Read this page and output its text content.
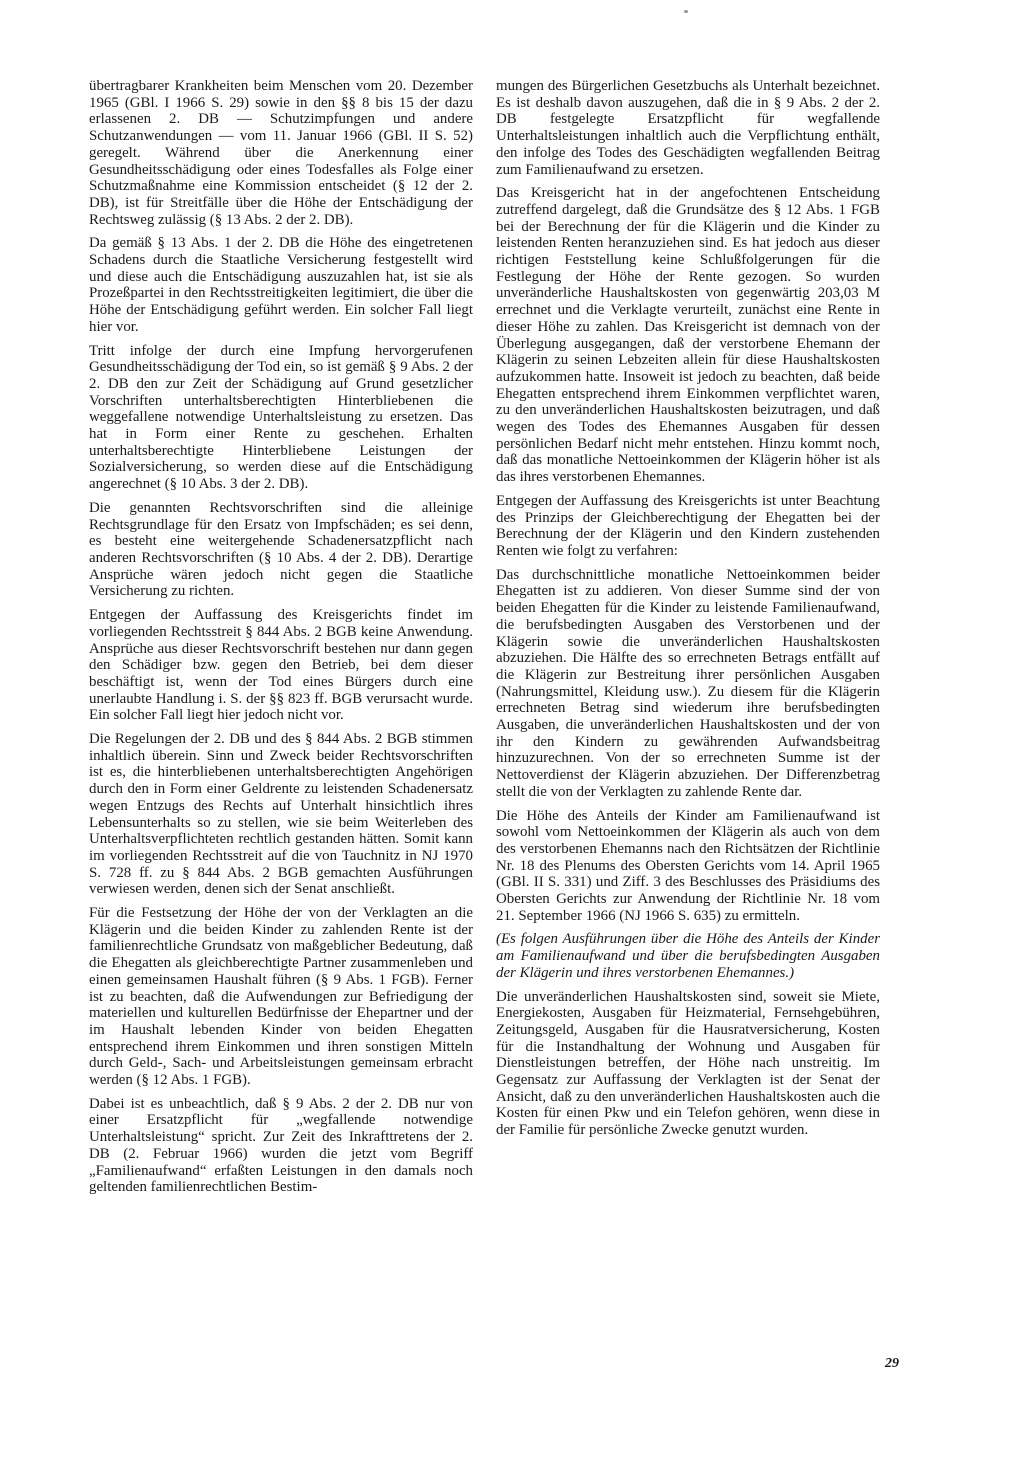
übertragbarer Krankheiten beim Menschen vom 20. Dezember 1965 (GBl. I 1966 S. 29) sowie in den §§ 8 bis 15 der dazu erlassenen 2. DB — Schutzimpfungen und andere Schutzanwendungen — vom 11. Januar 1966 (GBl. II S. 52) geregelt. Während über die Anerkennung einer Gesundheitsschädigung oder eines Todesfalles als Folge einer Schutzmaßnahme eine Kommission entscheidet (§ 12 der 2. DB), ist für Streitfälle über die Höhe der Entschädigung der Rechtsweg zulässig (§ 13 Abs. 2 der 2. DB).

Da gemäß § 13 Abs. 1 der 2. DB die Höhe des eingetretenen Schadens durch die Staatliche Versicherung festgestellt wird und diese auch die Entschädigung auszuzahlen hat, ist sie als Prozeßpartei in den Rechtsstreitigkeiten legitimiert, die über die Höhe der Entschädigung geführt werden. Ein solcher Fall liegt hier vor.

Tritt infolge der durch eine Impfung hervorgerufenen Gesundheitsschädigung der Tod ein, so ist gemäß § 9 Abs. 2 der 2. DB den zur Zeit der Schädigung auf Grund gesetzlicher Vorschriften unterhaltsberechtigten Hinterbliebenen die weggefallene notwendige Unterhaltsleistung zu ersetzen. Das hat in Form einer Rente zu geschehen. Erhalten unterhaltsberechtigte Hinterbliebene Leistungen der Sozialversicherung, so werden diese auf die Entschädigung angerechnet (§ 10 Abs. 3 der 2. DB).

Die genannten Rechtsvorschriften sind die alleinige Rechtsgrundlage für den Ersatz von Impfschäden; es sei denn, es besteht eine weitergehende Schadenersatzpflicht nach anderen Rechtsvorschriften (§ 10 Abs. 4 der 2. DB). Derartige Ansprüche wären jedoch nicht gegen die Staatliche Versicherung zu richten.

Entgegen der Auffassung des Kreisgerichts findet im vorliegenden Rechtsstreit § 844 Abs. 2 BGB keine Anwendung. Ansprüche aus dieser Rechtsvorschrift bestehen nur dann gegen den Schädiger bzw. gegen den Betrieb, bei dem dieser beschäftigt ist, wenn der Tod eines Bürgers durch eine unerlaubte Handlung i. S. der §§ 823 ff. BGB verursacht wurde. Ein solcher Fall liegt hier jedoch nicht vor.

Die Regelungen der 2. DB und des § 844 Abs. 2 BGB stimmen inhaltlich überein. Sinn und Zweck beider Rechtsvorschriften ist es, die hinterbliebenen unterhaltsberechtigten Angehörigen durch den in Form einer Geldrente zu leistenden Schadenersatz wegen Entzugs des Rechts auf Unterhalt hinsichtlich ihres Lebensunterhalts so zu stellen, wie sie beim Weiterleben des Unterhaltsverpflichteten rechtlich gestanden hätten. Somit kann im vorliegenden Rechtsstreit auf die von Tauchnitz in NJ 1970 S. 728 ff. zu § 844 Abs. 2 BGB gemachten Ausführungen verwiesen werden, denen sich der Senat anschließt.

Für die Festsetzung der Höhe der von der Verklagten an die Klägerin und die beiden Kinder zu zahlenden Rente ist der familienrechtliche Grundsatz von maßgeblicher Bedeutung, daß die Ehegatten als gleichberechtigte Partner zusammenleben und einen gemeinsamen Haushalt führen (§ 9 Abs. 1 FGB). Ferner ist zu beachten, daß die Aufwendungen zur Befriedigung der materiellen und kulturellen Bedürfnisse der Ehepartner und der im Haushalt lebenden Kinder von beiden Ehegatten entsprechend ihrem Einkommen und ihren sonstigen Mitteln durch Geld-, Sach- und Arbeitsleistungen gemeinsam erbracht werden (§ 12 Abs. 1 FGB).

Dabei ist es unbeachtlich, daß § 9 Abs. 2 der 2. DB nur von einer Ersatzpflicht für „wegfallende notwendige Unterhaltsleistung“ spricht. Zur Zeit des Inkrafttretens der 2. DB (2. Februar 1966) wurden die jetzt vom Begriff „Familienaufwand“ erfaßten Leistungen in den damals noch geltenden familienrechtlichen Bestim-

mungen des Bürgerlichen Gesetzbuchs als Unterhalt bezeichnet. Es ist deshalb davon auszugehen, daß die in § 9 Abs. 2 der 2. DB festgelegte Ersatzpflicht für wegfallende Unterhaltsleistungen inhaltlich auch die Verpflichtung enthält, den infolge des Todes des Geschädigten wegfallenden Beitrag zum Familienaufwand zu ersetzen.

Das Kreisgericht hat in der angefochtenen Entscheidung zutreffend dargelegt, daß die Grundsätze des § 12 Abs. 1 FGB bei der Berechnung der für die Klägerin und die Kinder zu leistenden Renten heranzuziehen sind. Es hat jedoch aus dieser richtigen Feststellung keine Schlußfolgerungen für die Festlegung der Höhe der Rente gezogen. So wurden unveränderliche Haushaltskosten von gegenwärtig 203,03 M errechnet und die Verklagte verurteilt, zunächst eine Rente in dieser Höhe zu zahlen. Das Kreisgericht ist demnach von der Überlegung ausgegangen, daß der verstorbene Ehemann der Klägerin zu seinen Lebzeiten allein für diese Haushaltskosten aufzukommen hatte. Insoweit ist jedoch zu beachten, daß beide Ehegatten entsprechend ihrem Einkommen verpflichtet waren, zu den unveränderlichen Haushaltskosten beizutragen, und daß wegen des Todes des Ehemannes Ausgaben für dessen persönlichen Bedarf nicht mehr entstehen. Hinzu kommt noch, daß das monatliche Nettoeinkommen der Klägerin höher ist als das ihres verstorbenen Ehemannes.

Entgegen der Auffassung des Kreisgerichts ist unter Beachtung des Prinzips der Gleichberechtigung der Ehegatten bei der Berechnung der der Klägerin und den Kindern zustehenden Renten wie folgt zu verfahren:

Das durchschnittliche monatliche Nettoeinkommen beider Ehegatten ist zu addieren. Von dieser Summe sind der von beiden Ehegatten für die Kinder zu leistende Familienaufwand, die berufsbedingten Ausgaben des Verstorbenen und der Klägerin sowie die unveränderlichen Haushaltskosten abzuziehen. Die Hälfte des so errechneten Betrags entfällt auf die Klägerin zur Bestreitung ihrer persönlichen Ausgaben (Nahrungsmittel, Kleidung usw.). Zu diesem für die Klägerin errechneten Betrag sind wiederum ihre berufsbedingten Ausgaben, die unveränderlichen Haushaltskosten und der von ihr den Kindern zu gewährenden Aufwandsbeitrag hinzuzurechnen. Von der so errechneten Summe ist der Nettoverdienst der Klägerin abzuziehen. Der Differenzbetrag stellt die von der Verklagten zu zahlende Rente dar.

Die Höhe des Anteils der Kinder am Familienaufwand ist sowohl vom Nettoeinkommen der Klägerin als auch von dem des verstorbenen Ehemanns nach den Richtsätzen der Richtlinie Nr. 18 des Plenums des Obersten Gerichts vom 14. April 1965 (GBl. II S. 331) und Ziff. 3 des Beschlusses des Präsidiums des Obersten Gerichts zur Anwendung der Richtlinie Nr. 18 vom 21. September 1966 (NJ 1966 S. 635) zu ermitteln.

(Es folgen Ausführungen über die Höhe des Anteils der Kinder am Familienaufwand und über die berufsbedingten Ausgaben der Klägerin und ihres verstorbenen Ehemannes.)

Die unveränderlichen Haushaltskosten sind, soweit sie Miete, Energiekosten, Ausgaben für Heizmaterial, Fernsehgebühren, Zeitungsgeld, Ausgaben für die Hausratversicherung, Kosten für die Instandhaltung der Wohnung und Ausgaben für Dienstleistungen betreffen, der Höhe nach unstreitig. Im Gegensatz zur Auffassung der Verklagten ist der Senat der Ansicht, daß zu den unveränderlichen Haushaltskosten auch die Kosten für einen Pkw und ein Telefon gehören, wenn diese in der Familie für persönliche Zwecke genutzt wurden.

29
